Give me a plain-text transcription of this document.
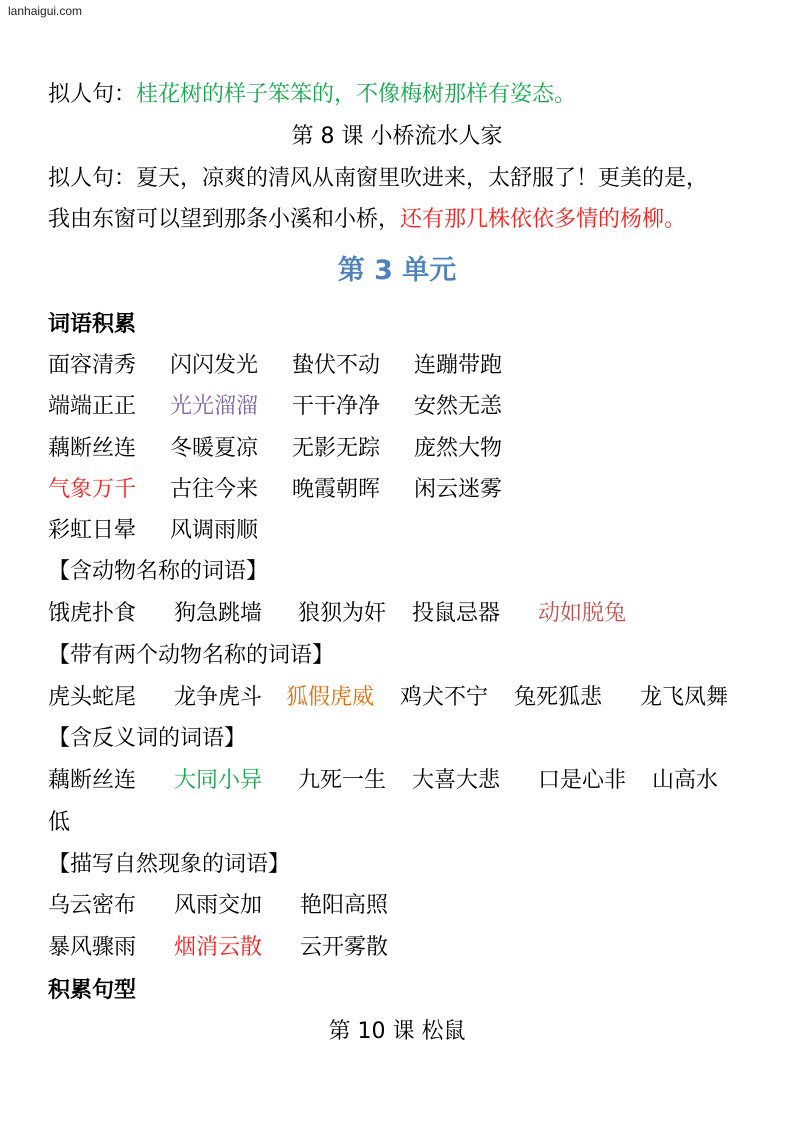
lanhaigui.com
拟人句：桂花树的样子笨笨的，不像梅树那样有姿态。
第 8 课 小桥流水人家
拟人句：夏天，凉爽的清风从南窗里吹进来，太舒服了！更美的是，
我由东窗可以望到那条小溪和小桥，还有那几株依依多情的杨柳。
第 3 单元
词语积累
面容清秀 闪闪发光 蛰伏不动 连蹦带跑
端端正正 光光溜溜 干干净净 安然无恙
藕断丝连 冬暖夏凉 无影无踪 庞然大物
气象万千 古往今来 晚霞朝晖 闲云迷雾
彩虹日晕 风调雨顺
【含动物名称的词语】
饿虎扑食 狗急跳墙 狼狈为奸 投鼠忌器 动如脱兔
【带有两个动物名称的词语】
虎头蛇尾 龙争虎斗 狐假虎威 鸡犬不宁 兔死狐悲 龙飞凤舞
【含反义词的词语】
藕断丝连 大同小异 九死一生 大喜大悲 口是心非 山高水
低
【描写自然现象的词语】
乌云密布 风雨交加 艳阳高照
暴风骤雨 烟消云散 云开雾散
积累句型
第 10 课 松鼠
